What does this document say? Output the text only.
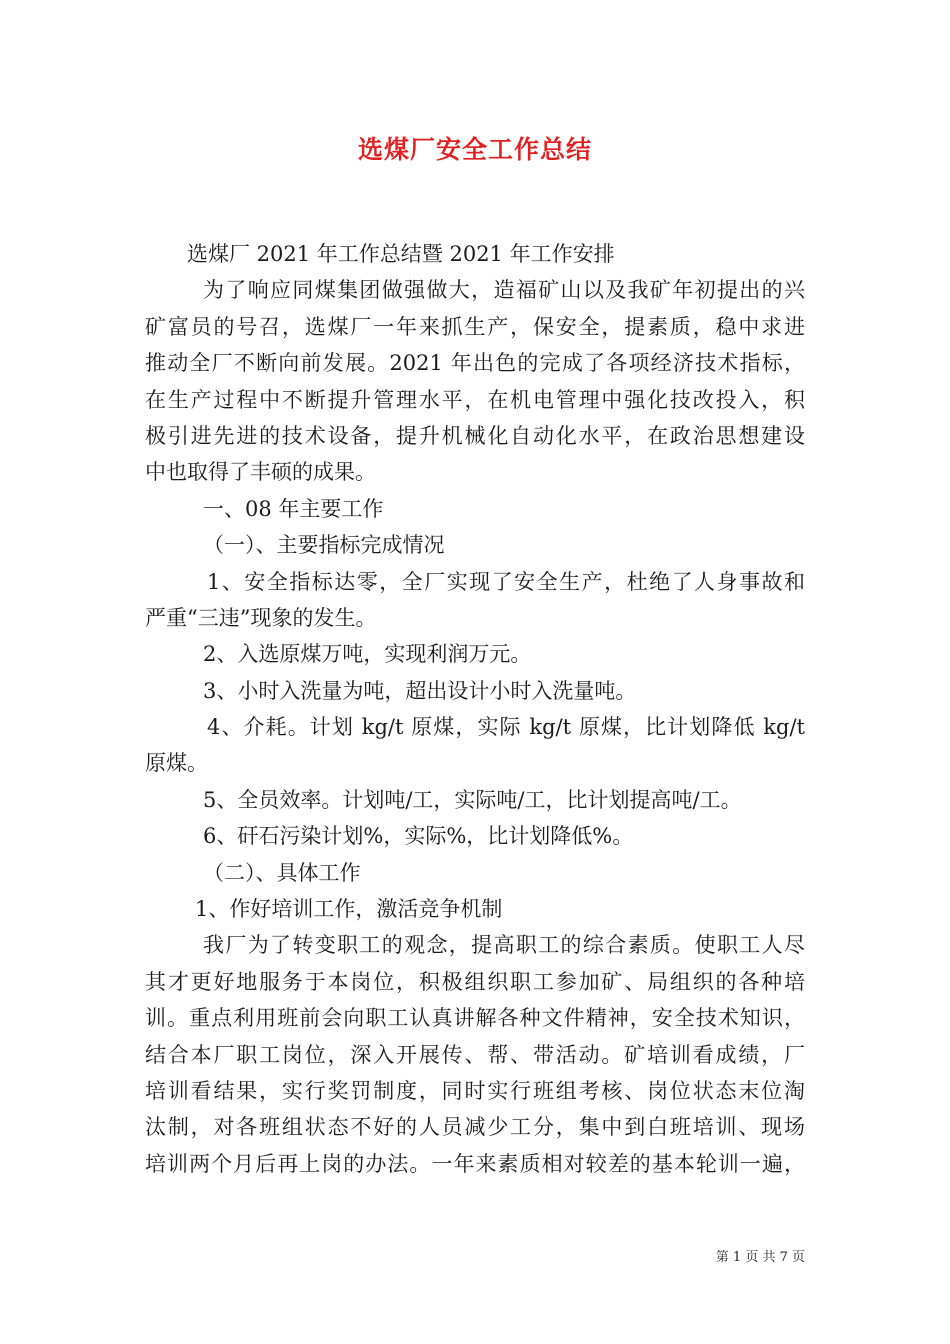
选煤厂安全工作总结
选煤厂 2021 年工作总结暨 2021 年工作安排
为了响应同煤集团做强做大，造福矿山以及我矿年初提出的兴
矿富员的号召，选煤厂一年来抓生产，保安全，提素质，稳中求进
推动全厂不断向前发展。2021 年出色的完成了各项经济技术指标，
在生产过程中不断提升管理水平，在机电管理中强化技改投入，积
极引进先进的技术设备，提升机械化自动化水平，在政治思想建设
中也取得了丰硕的成果。
一、08 年主要工作
（一）、主要指标完成情况
1、安全指标达零，全厂实现了安全生产，杜绝了人身事故和
严重“三违”现象的发生。
2、入选原煤万吨，实现利润万元。
3、小时入洗量为吨，超出设计小时入洗量吨。
4、介耗。计划 kg/t 原煤，实际 kg/t 原煤，比计划降低 kg/t
原煤。
5、全员效率。计划吨/工，实际吨/工，比计划提高吨/工。
6、矸石污染计划%，实际%，比计划降低%。
（二）、具体工作
1、作好培训工作，激活竞争机制
我厂为了转变职工的观念，提高职工的综合素质。使职工人尽
其才更好地服务于本岗位，积极组织职工参加矿、局组织的各种培
训。重点利用班前会向职工认真讲解各种文件精神，安全技术知识，
结合本厂职工岗位，深入开展传、帮、带活动。矿培训看成绩，厂
培训看结果，实行奖罚制度，同时实行班组考核、岗位状态末位淘
汰制，对各班组状态不好的人员减少工分，集中到白班培训、现场
培训两个月后再上岗的办法。一年来素质相对较差的基本轮训一遍，
第 1 页 共 7 页
